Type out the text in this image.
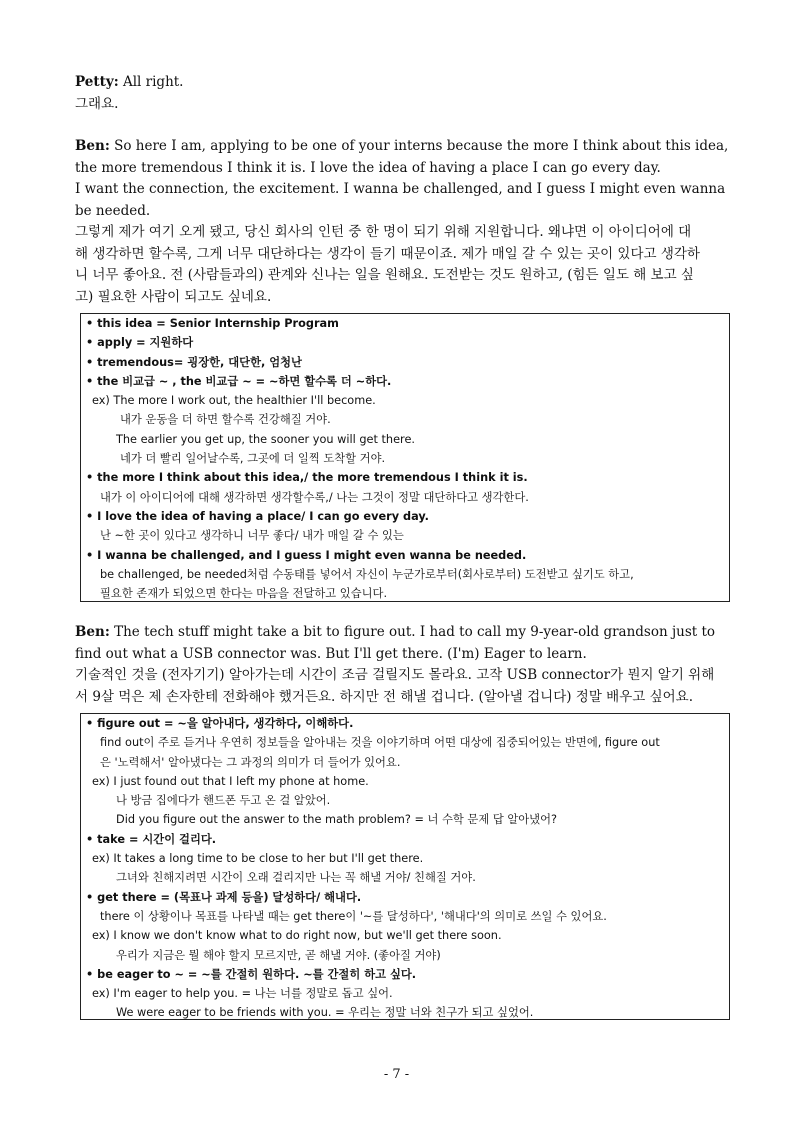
Petty: All right.

그래요.

Ben: So here I am, applying to be one of your interns because the more I think about this idea,

the more tremendous I think it is. I love the idea of having a place I can go every day.

I want the connection, the excitement. I wanna be challenged, and I guess I might even wanna

be needed.

그렇게 제가 여기 오게 됐고, 당신 회사의 인턴 중 한 명이 되기 위해 지원합니다. 왜냐면 이 아이디어에 대

해 생각하면 할수록, 그게 너무 대단하다는 생각이 들기 때문이죠. 제가 매일 갈 수 있는 곳이 있다고 생각하

니 너무 좋아요. 전 (사람들과의) 관계와 신나는 일을 원해요. 도전받는 것도 원하고, (힘든 일도 해 보고 싶

고) 필요한 사람이 되고도 싶네요.

• this idea = Senior Internship Program
• apply = 지원하다
• tremendous= 굉장한, 대단한, 엄청난
• the 비교급 ~ , the 비교급 ~ = ~하면 할수록 더 ~하다.
ex) The more I work out, the healthier I'll become.
내가 운동을 더 하면 할수록 건강해질 거야.
The earlier you get up, the sooner you will get there.
네가 더 빨리 일어날수록, 그곳에 더 일찍 도착할 거야.
• the more I think about this idea,/ the more tremendous I think it is.
내가 이 아이디어에 대해 생각하면 생각할수록,/ 나는 그것이 정말 대단하다고 생각한다.
• I love the idea of having a place/ I can go every day.
난 ~한 곳이 있다고 생각하니 너무 좋다/ 내가 매일 갈 수 있는
• I wanna be challenged, and I guess I might even wanna be needed.
be challenged, be needed처럼 수동태를 넣어서 자신이 누군가로부터(회사로부터) 도전받고 싶기도 하고,
필요한 존재가 되었으면 한다는 마음을 전달하고 있습니다.

Ben: The tech stuff might take a bit to figure out. I had to call my 9-year-old grandson just to

find out what a USB connector was. But I'll get there. (I'm) Eager to learn.

기술적인 것을 (전자기기) 알아가는데 시간이 조금 걸릴지도 몰라요. 고작 USB connector가 뭔지 알기 위해

서 9살 먹은 제 손자한테 전화해야 했거든요. 하지만 전 해낼 겁니다. (알아낼 겁니다) 정말 배우고 싶어요.

• figure out = ~을 알아내다, 생각하다, 이해하다.
find out이 주로 듣거나 우연히 정보들을 알아내는 것을 이야기하며 어떤 대상에 집중되어있는 반면에, figure out
은 '노력해서' 알아냈다는 그 과정의 의미가 더 들어가 있어요.
ex) I just found out that I left my phone at home.
나 방금 집에다가 핸드폰 두고 온 걸 알았어.
Did you figure out the answer to the math problem? = 너 수학 문제 답 알아냈어?
• take = 시간이 걸리다.
ex) It takes a long time to be close to her but I'll get there.
그녀와 친해지려면 시간이 오래 걸리지만 나는 꼭 해낼 거야/ 친해질 거야.
• get there = (목표나 과제 등을) 달성하다/ 해내다.
there 이 상황이나 목표를 나타낼 때는 get there이 '~를 달성하다', '해내다'의 의미로 쓰일 수 있어요.
ex) I know we don't know what to do right now, but we'll get there soon.
우리가 지금은 뭘 해야 할지 모르지만, 곧 해낼 거야. (좋아질 거야)
• be eager to ~ = ~를 간절히 원하다. ~를 간절히 하고 싶다.
ex) I'm eager to help you. = 나는 너를 정말로 돕고 싶어.
We were eager to be friends with you. = 우리는 정말 너와 친구가 되고 싶었어.
- 7 -
